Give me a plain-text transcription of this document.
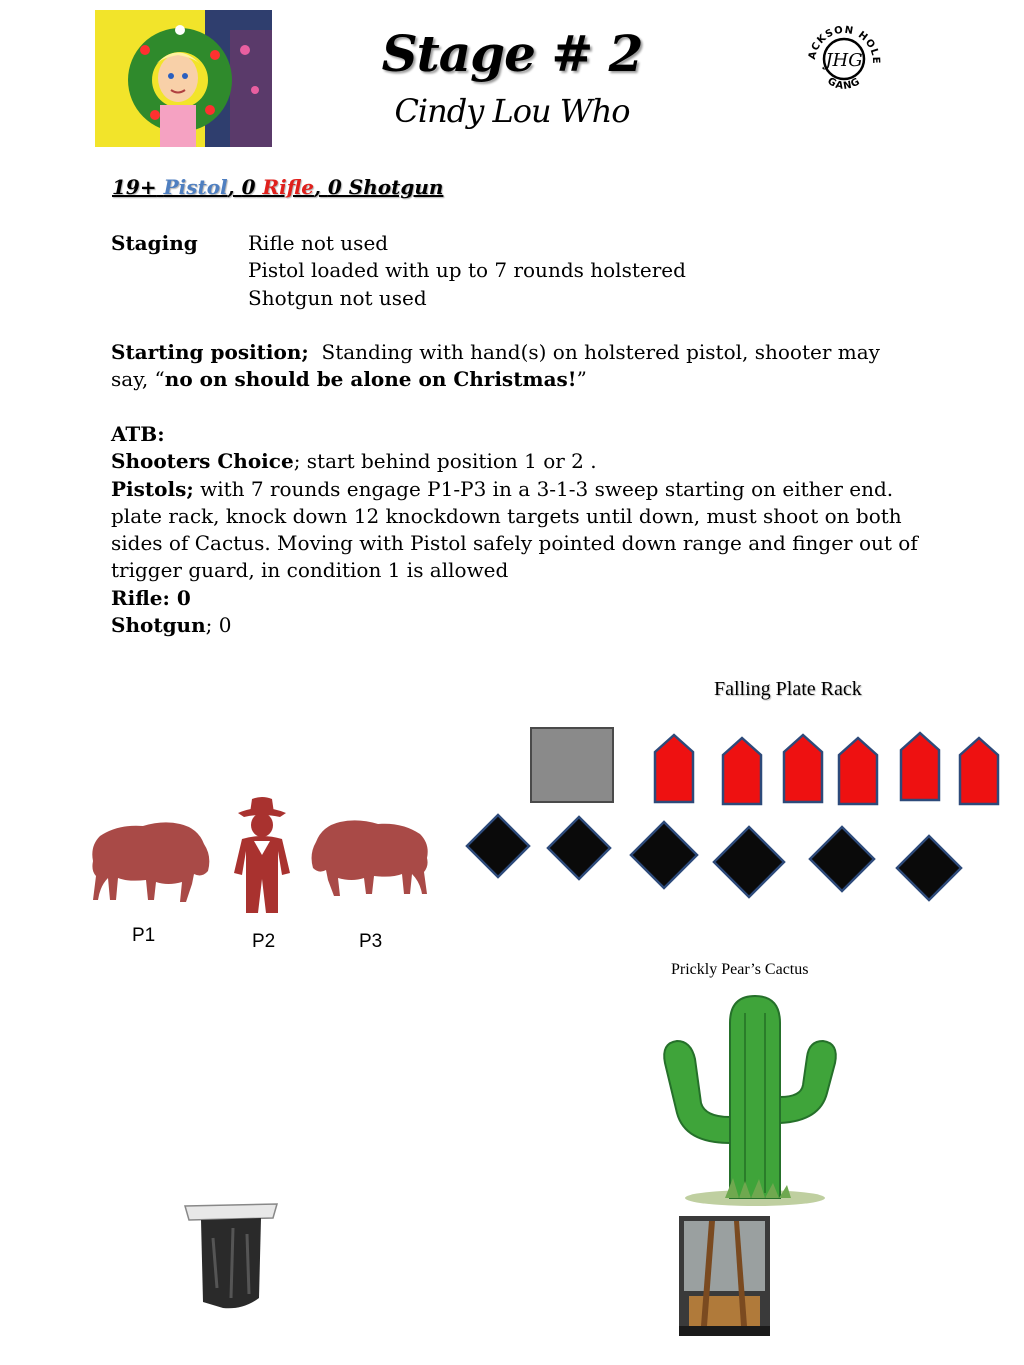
Stage # 2
Cindy Lou Who
ACKSON HOLE
GANG
JHG
19+ Pistol, 0 Rifle, 0 Shotgun
Staging	Rifle not used
Pistol loaded with up to 7 rounds holstered
Shotgun not used
Starting position; Standing with hand(s) on holstered pistol, shooter may
say, “no on should be alone on Christmas!”
ATB:
Shooters Choice; start behind position 1 or 2 .
Pistols; with 7 rounds engage P1-P3 in a 3-1-3 sweep starting on either end.
plate rack, knock down 12 knockdown targets until down, must shoot on both
sides of Cactus. Moving with Pistol safely pointed down range and finger out of
trigger guard, in condition 1 is allowed
Rifle: 0
Shotgun; 0
Falling Plate Rack
P1	P2	P3
Prickly Pear’s Cactus
